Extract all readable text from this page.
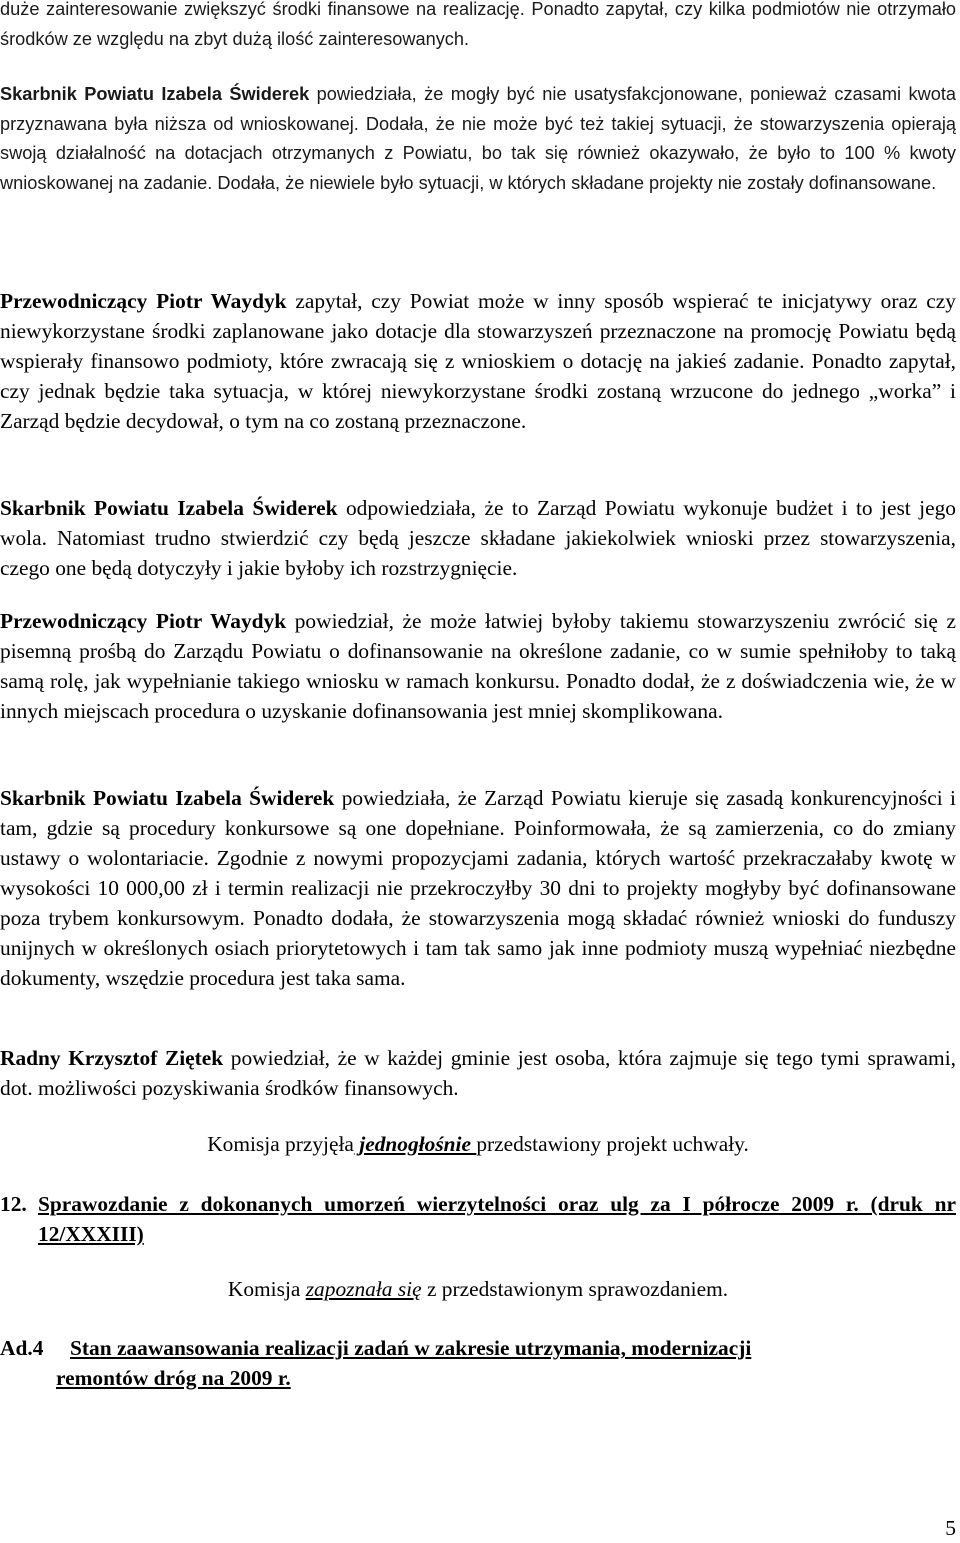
duże zainteresowanie zwiększyć środki finansowe na realizację. Ponadto zapytał, czy kilka podmiotów nie otrzymało środków ze względu na zbyt dużą ilość zainteresowanych.

Skarbnik Powiatu Izabela Świderek powiedziała, że mogły być nie usatysfakcjonowane, ponieważ czasami kwota przyznawana była niższa od wnioskowanej. Dodała, że nie może być też takiej sytuacji, że stowarzyszenia opierają swoją działalność na dotacjach otrzymanych z Powiatu, bo tak się również okazywało, że było to 100 % kwoty wnioskowanej na zadanie. Dodała, że niewiele było sytuacji, w których składane projekty nie zostały dofinansowane.

Przewodniczący Piotr Waydyk zapytał, czy Powiat może w inny sposób wspierać te inicjatywy oraz czy niewykorzystane środki zaplanowane jako dotacje dla stowarzyszeń przeznaczone na promocję Powiatu będą wspierały finansowo podmioty, które zwracają się z wnioskiem o dotację na jakieś zadanie. Ponadto zapytał, czy jednak będzie taka sytuacja, w której niewykorzystane środki zostaną wrzucone do jednego „worka” i Zarząd będzie decydował, o tym na co zostaną przeznaczone.

Skarbnik Powiatu Izabela Świderek odpowiedziała, że to Zarząd Powiatu wykonuje budżet i to jest jego wola. Natomiast trudno stwierdzić czy będą jeszcze składane jakiekolwiek wnioski przez stowarzyszenia, czego one będą dotyczyły i jakie byłoby ich rozstrzygnięcie.

Przewodniczący Piotr Waydyk powiedział, że może łatwiej byłoby takiemu stowarzyszeniu zwrócić się z pisemną prośbą do Zarządu Powiatu o dofinansowanie na określone zadanie, co w sumie spełniłoby to taką samą rolę, jak wypełnianie takiego wniosku w ramach konkursu. Ponadto dodał, że z doświadczenia wie, że w innych miejscach procedura o uzyskanie dofinansowania jest mniej skomplikowana.

Skarbnik Powiatu Izabela Świderek powiedziała, że Zarząd Powiatu kieruje się zasadą konkurencyjności i tam, gdzie są procedury konkursowe są one dopełniane. Poinformowała, że są zamierzenia, co do zmiany ustawy o wolontariacie. Zgodnie z nowymi propozycjami zadania, których wartość przekraczałaby kwotę w wysokości 10 000,00 zł i termin realizacji nie przekroczyłby 30 dni to projekty mogłyby być dofinansowane poza trybem konkursowym. Ponadto dodała, że stowarzyszenia mogą składać również wnioski do funduszy unijnych w określonych osiach priorytetowych i tam tak samo jak inne podmioty muszą wypełniać niezbędne dokumenty, wszędzie procedura jest taka sama.

Radny Krzysztof Ziętek powiedział, że w każdej gminie jest osoba, która zajmuje się tego tymi sprawami, dot. możliwości pozyskiwania środków finansowych.

Komisja przyjęła jednogłośnie przedstawiony projekt uchwały.
12. Sprawozdanie z dokonanych umorzeń wierzytelności oraz ulg za I półrocze 2009 r. (druk nr 12/XXXIII)
Komisja zapoznała się z przedstawionym sprawozdaniem.
Ad.4	Stan zaawansowania realizacji zadań w zakresie utrzymania, modernizacji
remontów dróg na 2009 r.
5
